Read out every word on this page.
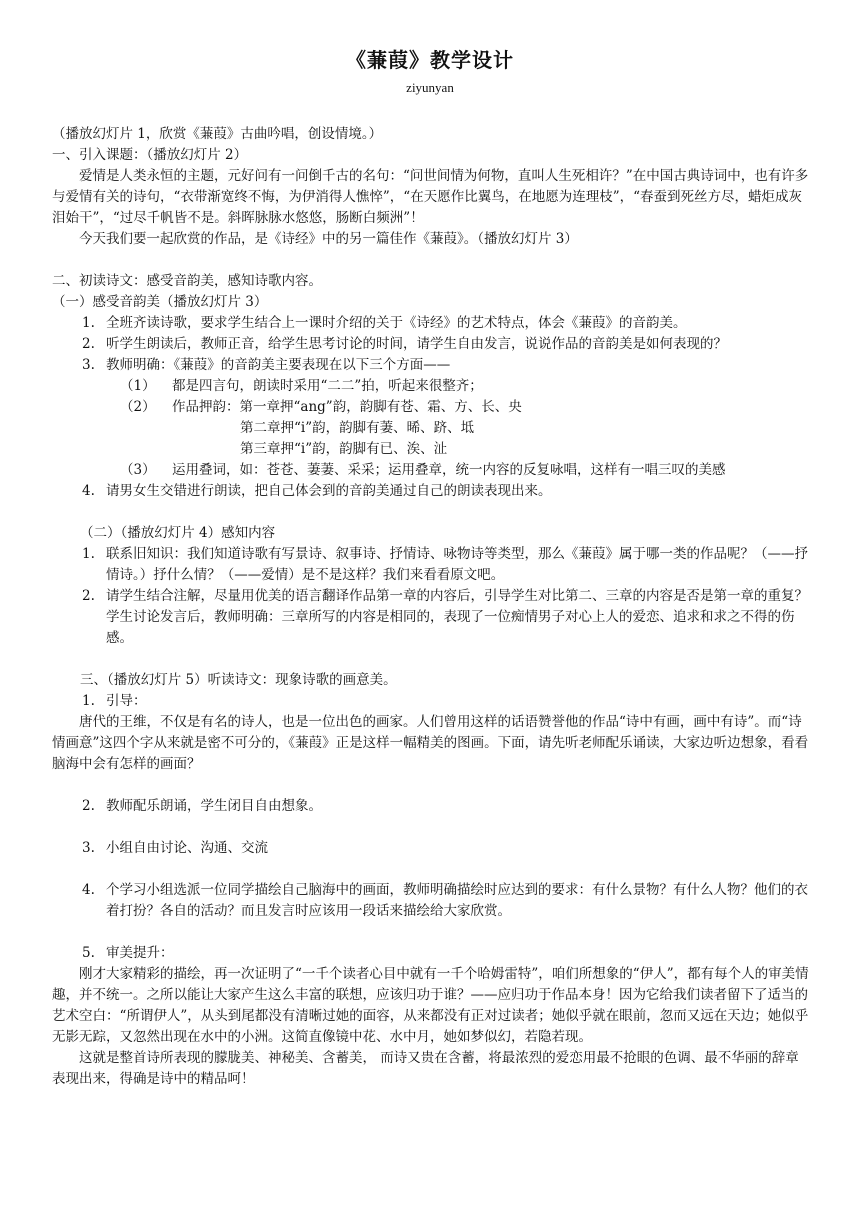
《蒹葭》教学设计
ziyunyan

（播放幻灯片 1，欣赏《蒹葭》古曲吟唱，创设情境。）

一、引入课题：（播放幻灯片 2）

爱情是人类永恒的主题，元好问有一问倒千古的名句：“问世间情为何物，直叫人生死相许？”在中国古典诗词中，也有许多与爱情有关的诗句，“衣带渐宽终不悔，为伊消得人憔悴”，“在天愿作比翼鸟，在地愿为连理枝”，“春蚕到死丝方尽，蜡炬成灰泪始干”，“过尽千帆皆不是。斜晖脉脉水悠悠，肠断白频洲”！

今天我们要一起欣赏的作品，是《诗经》中的另一篇佳作《蒹葭》。（播放幻灯片 3）

二、初读诗文：感受音韵美，感知诗歌内容。

（一）感受音韵美（播放幻灯片 3）

1. 全班齐读诗歌，要求学生结合上一课时介绍的关于《诗经》的艺术特点，体会《蒹葭》的音韵美。
2. 听学生朗读后，教师正音，给学生思考讨论的时间，请学生自由发言，说说作品的音韵美是如何表现的？
3. 教师明确：《蒹葭》的音韵美主要表现在以下三个方面——
（1）	都是四言句，朗读时采用“二二”拍，听起来很整齐；
（2）	作品押韵：第一章押“ang”韵，韵脚有苍、霜、方、长、央

第二章押“i”韵，韵脚有萋、晞、跻、坻

第三章押“i”韵，韵脚有已、涘、沚

（3）	运用叠词，如：苍苍、萋萋、采采；运用叠章，统一内容的反复咏唱，这样有一唱三叹的美感
4. 请男女生交错进行朗读，把自己体会到的音韵美通过自己的朗读表现出来。

（二）（播放幻灯片 4）感知内容

1. 联系旧知识：我们知道诗歌有写景诗、叙事诗、抒情诗、咏物诗等类型，那么《蒹葭》属于哪一类的作品呢？（——抒情诗。）抒什么情？（——爱情）是不是这样？我们来看看原文吧。
2. 请学生结合注解，尽量用优美的语言翻译作品第一章的内容后，引导学生对比第二、三章的内容是否是第一章的重复？学生讨论发言后，教师明确：三章所写的内容是相同的，表现了一位痴情男子对心上人的爱恋、追求和求之不得的伤感。

三、（播放幻灯片 5）听读诗文：现象诗歌的画意美。

1. 引导：

唐代的王维，不仅是有名的诗人，也是一位出色的画家。人们曾用这样的话语赞誉他的作品“诗中有画，画中有诗”。而“诗情画意”这四个字从来就是密不可分的，《蒹葭》正是这样一幅精美的图画。下面，请先听老师配乐诵读，大家边听边想象，看看脑海中会有怎样的画面？

2. 教师配乐朗诵，学生闭目自由想象。
3. 小组自由讨论、沟通、交流
4. 个学习小组选派一位同学描绘自己脑海中的画面，教师明确描绘时应达到的要求：有什么景物？有什么人物？他们的衣着打扮？各自的活动？而且发言时应该用一段话来描绘给大家欣赏。
5. 审美提升：

刚才大家精彩的描绘，再一次证明了“一千个读者心目中就有一千个哈姆雷特”，咱们所想象的“伊人”，都有每个人的审美情趣，并不统一。之所以能让大家产生这么丰富的联想，应该归功于谁？——应归功于作品本身！因为它给我们读者留下了适当的艺术空白：“所谓伊人”，从头到尾都没有清晰过她的面容，从来都没有正对过读者；她似乎就在眼前，忽而又远在天边；她似乎无影无踪，又忽然出现在水中的小洲。这简直像镜中花、水中月，她如梦似幻，若隐若现。

这就是整首诗所表现的朦胧美、神秘美、含蓄美， 而诗又贵在含蓄，将最浓烈的爱恋用最不抢眼的色调、最不华丽的辞章表现出来，得确是诗中的精品呵！
